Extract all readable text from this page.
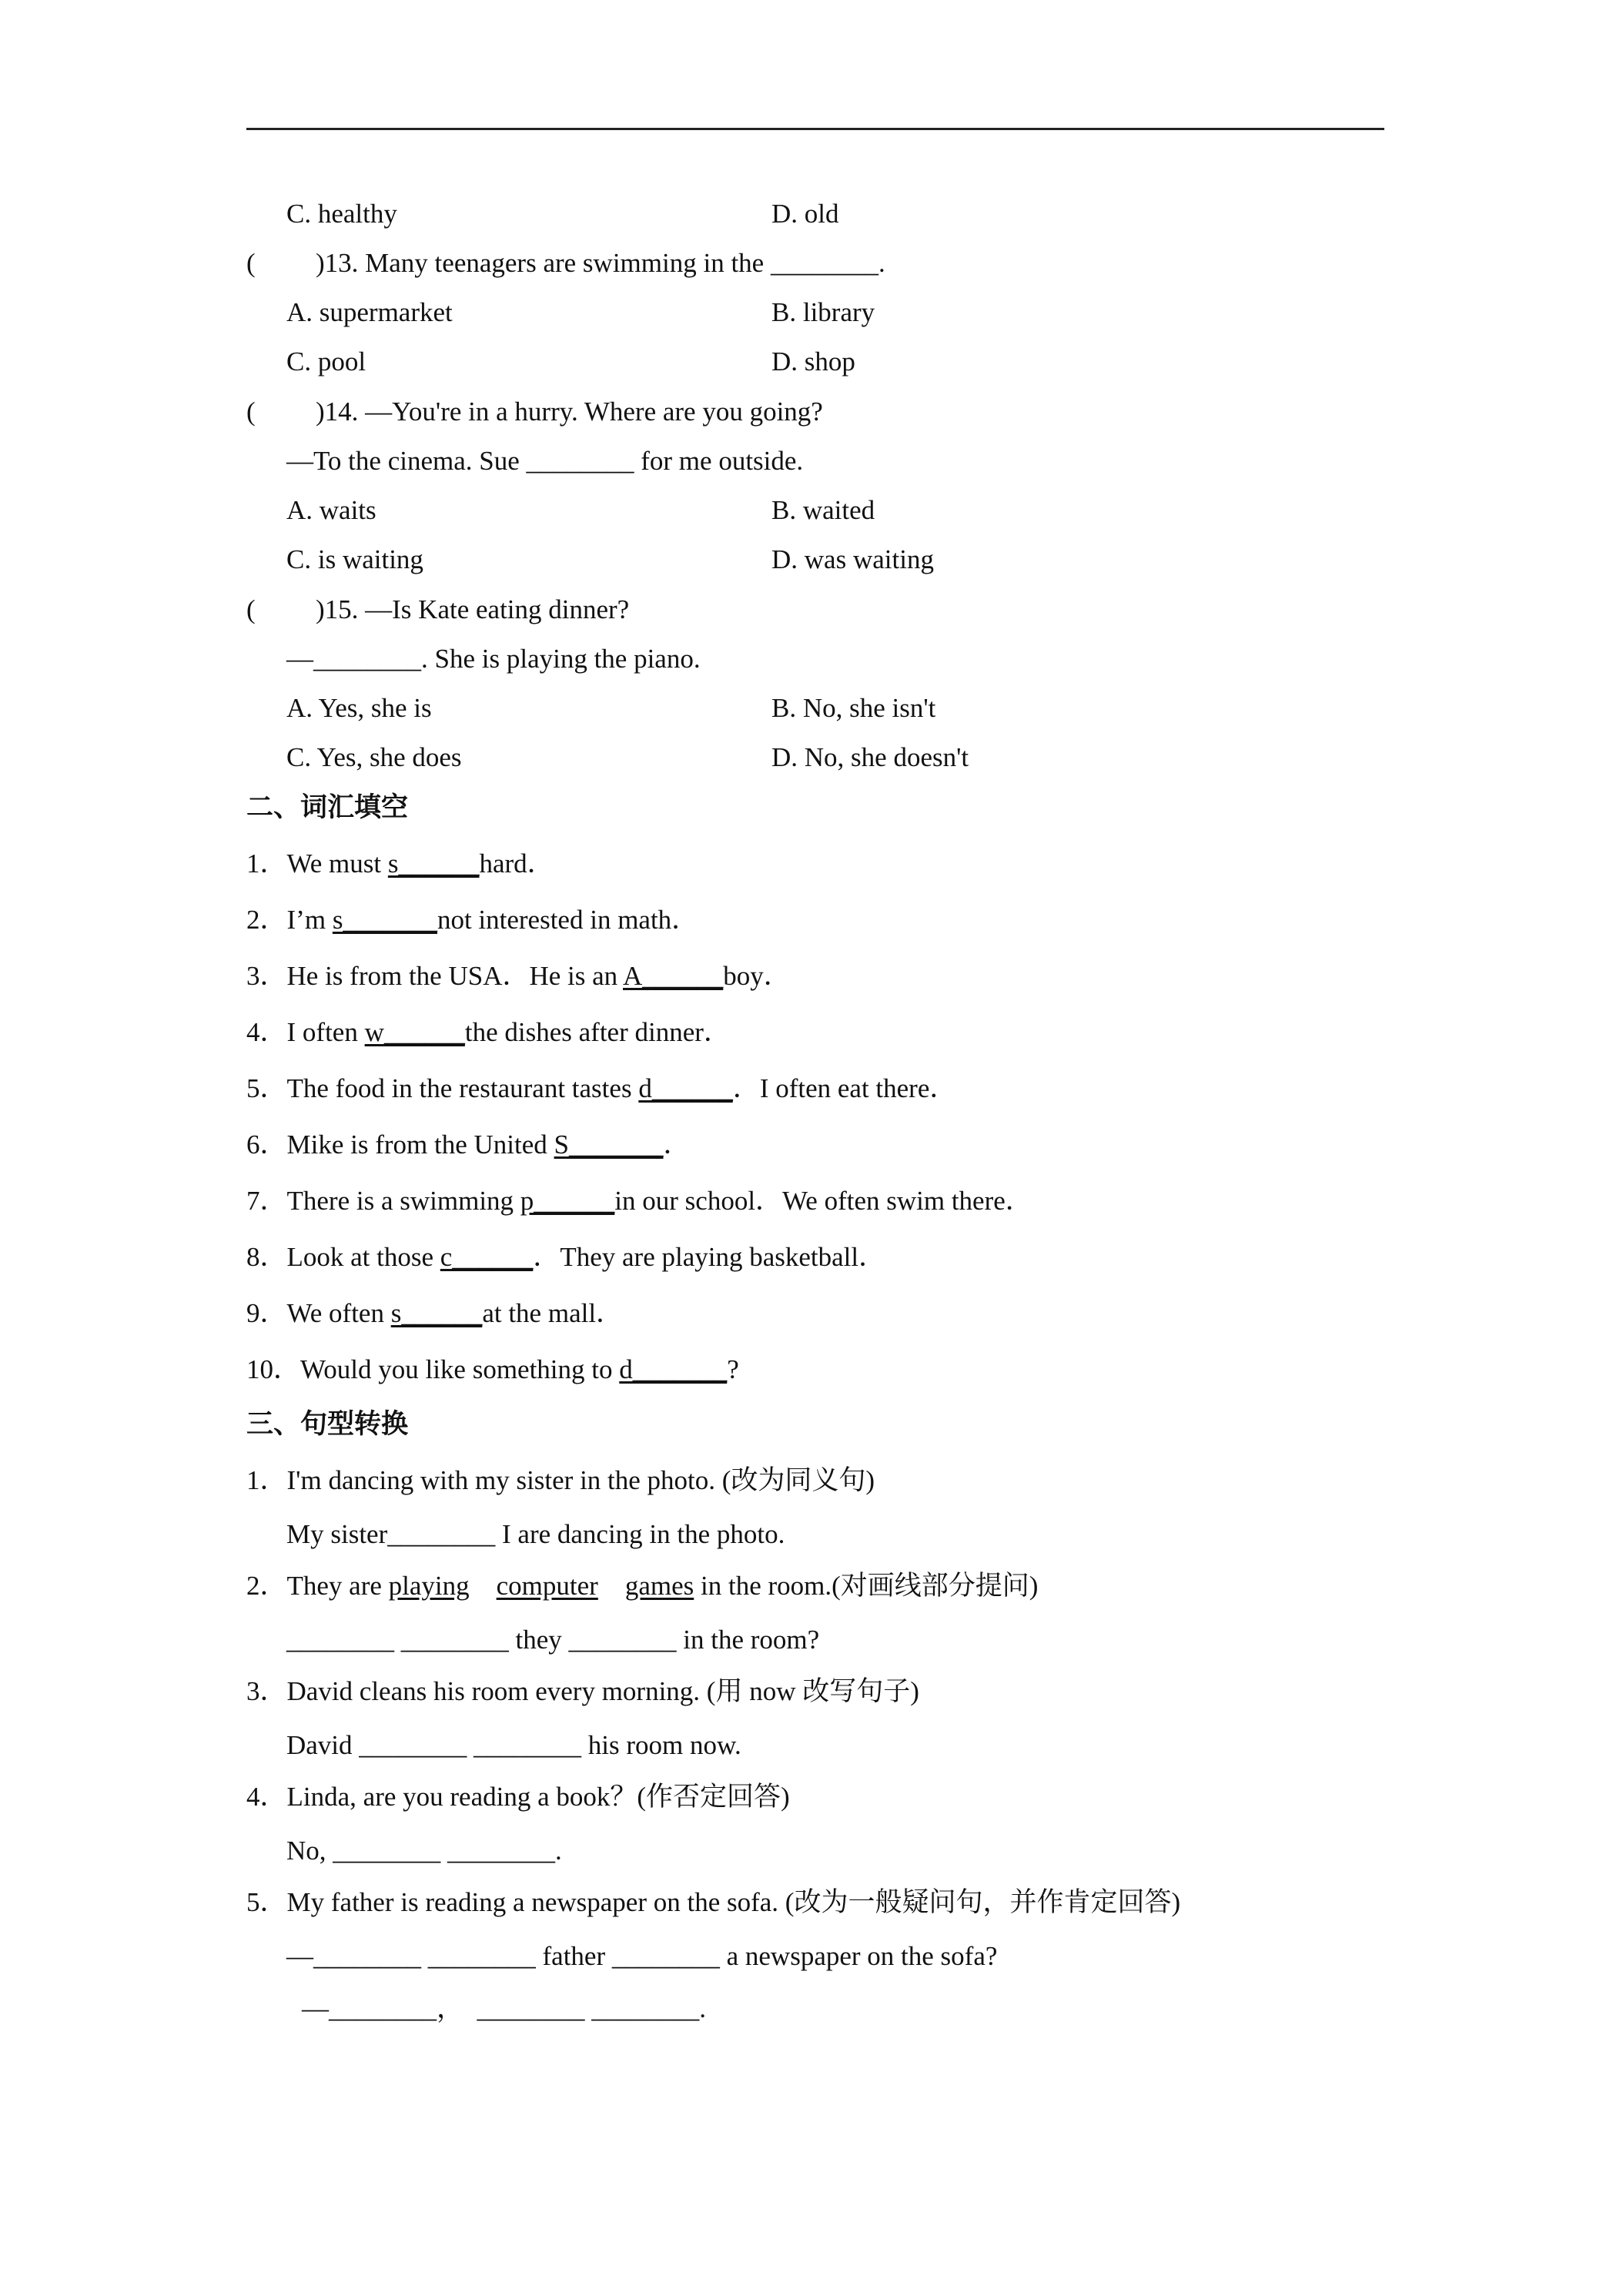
C. healthy	D. old
( )13. Many teenagers are swimming in the ________.
A. supermarket	B. library
C. pool	D. shop
( )14. —You're in a hurry. Where are you going?
—To the cinema. Sue ________ for me outside.
A. waits	B. waited
C. is waiting	D. was waiting
( )15. —Is Kate eating dinner?
—________. She is playing the piano.
A. Yes, she is	B. No, she isn't
C. Yes, she does	D. No, she doesn't
二、词汇填空
1．We must s______hard．
2．I’m s_______not interested in math．
3．He is from the USA．He is an A______boy．
4．I often w______the dishes after dinner．
5．The food in the restaurant tastes d______．I often eat there．
6．Mike is from the United S_______．
7．There is a swimming p______in our school．We often swim there．
8．Look at those c______．They are playing basketball．
9．We often s______at the mall．
10．Would you like something to d_______?
三、句型转换
1．I'm dancing with my sister in the photo. (改为同义句)
My sister________ I are dancing in the photo.
2．They are playing computer games in the room.(对画线部分提问)
________ ________ they ________ in the room?
3．David cleans his room every morning. (用 now 改写句子)
David ________ ________ his room now.
4．Linda, are you reading a book？(作否定回答)
No, ________ ________.
5．My father is reading a newspaper on the sofa. (改为一般疑问句，并作肯定回答)
—________ ________ father ________ a newspaper on the sofa?
—________，  ________ ________.
